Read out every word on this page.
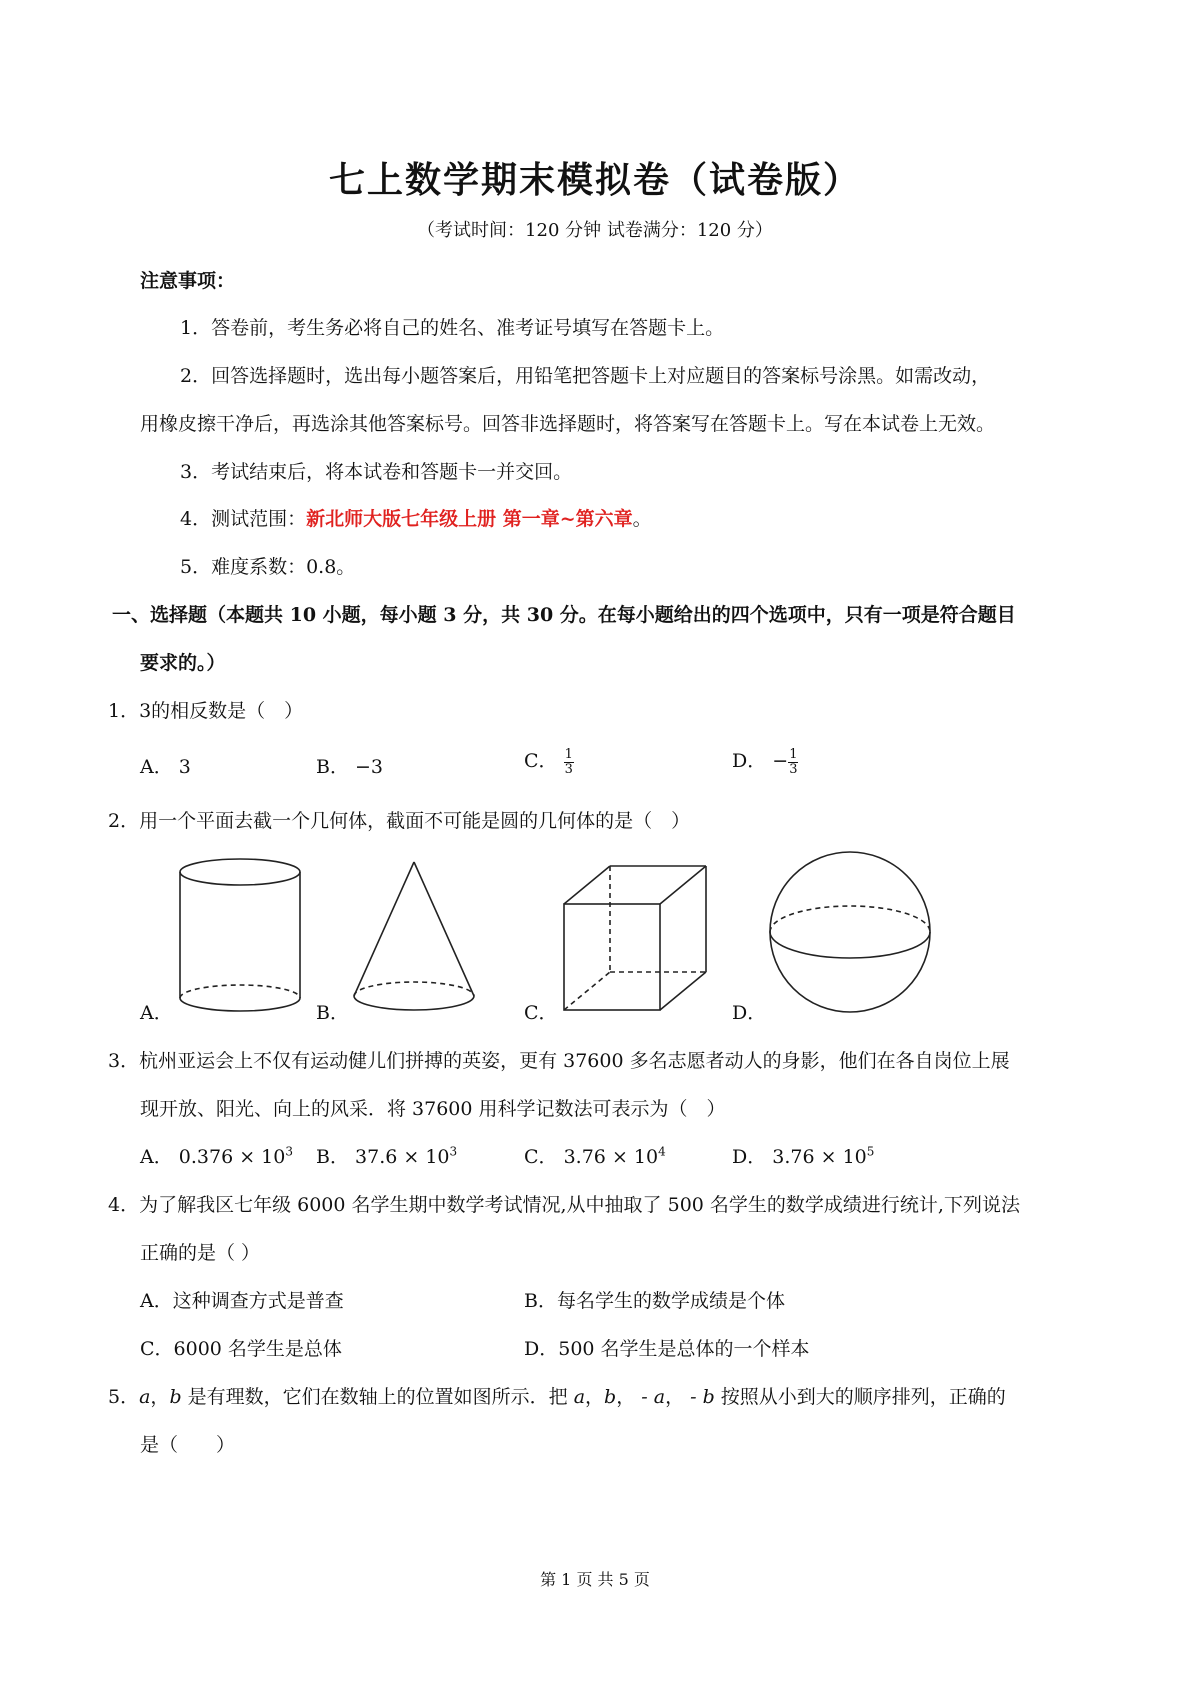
七上数学期末模拟卷（试卷版）
（考试时间：120 分钟 试卷满分：120 分）
注意事项：
1．答卷前，考生务必将自己的姓名、准考证号填写在答题卡上。
2．回答选择题时，选出每小题答案后，用铅笔把答题卡上对应题目的答案标号涂黑。如需改动，
用橡皮擦干净后，再选涂其他答案标号。回答非选择题时，将答案写在答题卡上。写在本试卷上无效。
3．考试结束后，将本试卷和答题卡一并交回。
4．测试范围：新北师大版七年级上册 第一章~第六章。
5．难度系数：0.8。
一、选择题（本题共 10 小题，每小题 3 分，共 30 分。在每小题给出的四个选项中，只有一项是符合题目
要求的。）
1．3的相反数是（　）
A． 3	B． −3	C． $\frac{1}{3}$	D． − $\frac{1}{3}$
2．用一个平面去截一个几何体，截面不可能是圆的几何体的是（　）
A．	B．	C．	D．
3．杭州亚运会上不仅有运动健儿们拼搏的英姿，更有 37600 多名志愿者动人的身影，他们在各自岗位上展
现开放、阳光、向上的风采．将 37600 用科学记数法可表示为（　）
A． $0.376 \times 10^3$ B． $37.6 \times 10^3$	C． $3.76 \times 10^4$	D． $3.76 \times 10^5$
4．为了解我区七年级 6000 名学生期中数学考试情况,从中抽取了 500 名学生的数学成绩进行统计,下列说法
正确的是（ ）
A．这种调查方式是普查	B．每名学生的数学成绩是个体
C．6000 名学生是总体	D．500 名学生是总体的一个样本
5．a，b 是有理数，它们在数轴上的位置如图所示．把 a，b， - a， - b 按照从小到大的顺序排列，正确的
是（　　）
第 1 页 共 5 页
